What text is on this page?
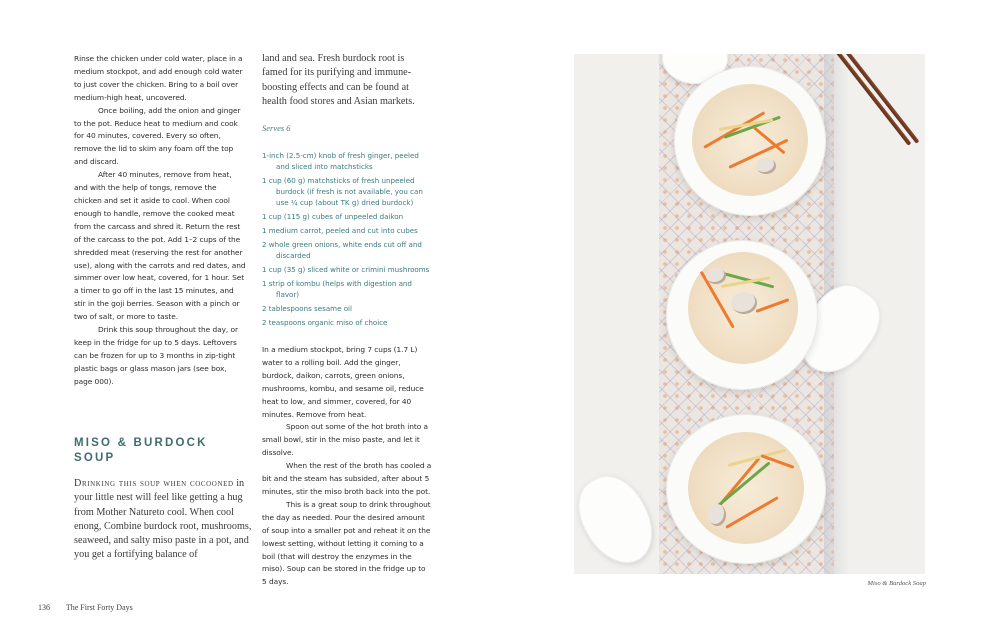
Rinse the chicken under cold water, place in a medium stockpot, and add enough cold water to just cover the chicken. Bring to a boil over medium-high heat, uncovered.

Once boiling, add the onion and ginger to the pot. Reduce heat to medium and cook for 40 minutes, covered. Every so often, remove the lid to skim any foam off the top and discard.

After 40 minutes, remove from heat, and with the help of tongs, remove the chicken and set it aside to cool. When cool enough to handle, remove the cooked meat from the carcass and shred it. Return the rest of the carcass to the pot. Add 1–2 cups of the shredded meat (reserving the rest for another use), along with the carrots and red dates, and simmer over low heat, covered, for 1 hour. Set a timer to go off in the last 15 minutes, and stir in the goji berries. Season with a pinch or two of salt, or more to taste.

Drink this soup throughout the day, or keep in the fridge for up to 5 days. Leftovers can be frozen for up to 3 months in zip-tight plastic bags or glass mason jars (see box, page 000).

MISO & BURDOCK SOUP
Drinking this soup when cocooned in your little nest will feel like getting a hug from Mother Natureto cool. When cool enong, Combine burdock root, mushrooms, seaweed, and salty miso paste in a pot, and you get a fortifying balance of
136 The First Forty Days
land and sea. Fresh burdock root is famed for its purifying and immune-boosting effects and can be found at health food stores and Asian markets.
Serves 6
1-inch (2.5-cm) knob of fresh ginger, peeled and sliced into matchsticks
1 cup (60 g) matchsticks of fresh unpeeled burdock (if fresh is not available, you can use ¼ cup (about TK g) dried burdock)
1 cup (115 g) cubes of unpeeled daikon
1 medium carrot, peeled and cut into cubes
2 whole green onions, white ends cut off and discarded
1 cup (35 g) sliced white or crimini mushrooms
1 strip of kombu (helps with digestion and flavor)
2 tablespoons sesame oil
2 teaspoons organic miso of choice

In a medium stockpot, bring 7 cups (1.7 L) water to a rolling boil. Add the ginger, burdock, daikon, carrots, green onions, mushrooms, kombu, and sesame oil, reduce heat to low, and simmer, covered, for 40 minutes. Remove from heat.

Spoon out some of the hot broth into a small bowl, stir in the miso paste, and let it dissolve.

When the rest of the broth has cooled a bit and the steam has subsided, after about 5 minutes, stir the miso broth back into the pot.

This is a great soup to drink throughout the day as needed. Pour the desired amount of soup into a smaller pot and reheat it on the lowest setting, without letting it coming to a boil (that will destroy the enzymes in the miso). Soup can be stored in the fridge up to 5 days.	Miso & Burdock Soup
